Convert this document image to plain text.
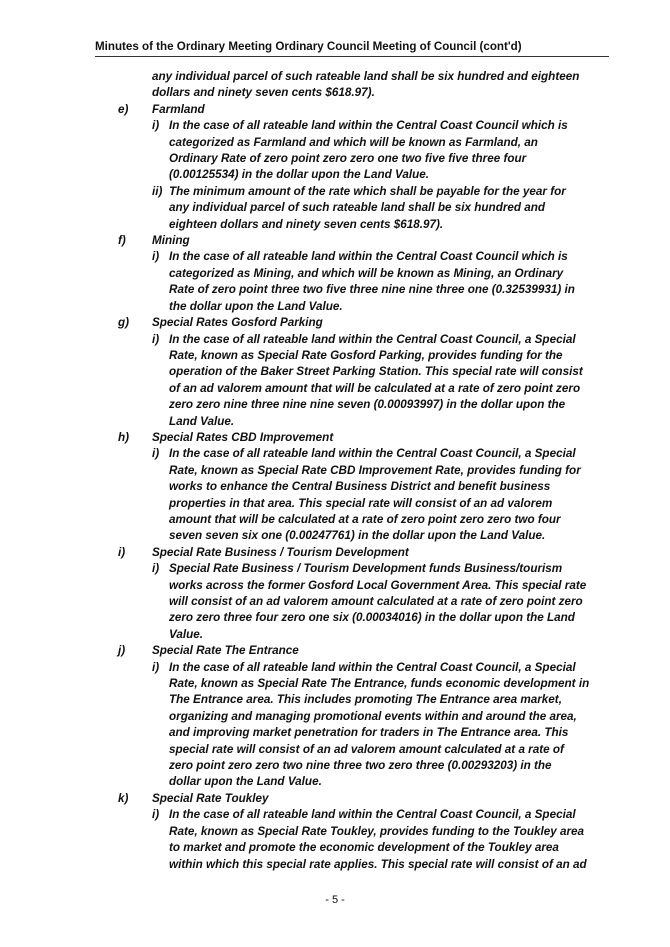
Minutes of the Ordinary Meeting Ordinary Council Meeting of Council (cont'd)
any individual parcel of such rateable land shall be six hundred and eighteen
dollars and ninety seven cents $618.97).
e) Farmland
i) In the case of all rateable land within the Central Coast Council which is
categorized as Farmland and which will be known as Farmland, an
Ordinary Rate of zero point zero zero one two five five three four
(0.00125534) in the dollar upon the Land Value.
ii) The minimum amount of the rate which shall be payable for the year for
any individual parcel of such rateable land shall be six hundred and
eighteen dollars and ninety seven cents $618.97).
f) Mining
i) In the case of all rateable land within the Central Coast Council which is
categorized as Mining, and which will be known as Mining, an Ordinary
Rate of zero point three two five three nine nine three one (0.32539931) in
the dollar upon the Land Value.
g) Special Rates Gosford Parking
i) In the case of all rateable land within the Central Coast Council, a Special
Rate, known as Special Rate Gosford Parking, provides funding for the
operation of the Baker Street Parking Station. This special rate will consist
of an ad valorem amount that will be calculated at a rate of zero point zero
zero zero nine three nine nine seven (0.00093997) in the dollar upon the
Land Value.
h) Special Rates CBD Improvement
i) In the case of all rateable land within the Central Coast Council, a Special
Rate, known as Special Rate CBD Improvement Rate, provides funding for
works to enhance the Central Business District and benefit business
properties in that area. This special rate will consist of an ad valorem
amount that will be calculated at a rate of zero point zero zero two four
seven seven six one (0.00247761) in the dollar upon the Land Value.
i) Special Rate Business / Tourism Development
i) Special Rate Business / Tourism Development funds Business/tourism
works across the former Gosford Local Government Area. This special rate
will consist of an ad valorem amount calculated at a rate of zero point zero
zero zero three four zero one six (0.00034016) in the dollar upon the Land
Value.
j) Special Rate The Entrance
i) In the case of all rateable land within the Central Coast Council, a Special
Rate, known as Special Rate The Entrance, funds economic development in
The Entrance area. This includes promoting The Entrance area market,
organizing and managing promotional events within and around the area,
and improving market penetration for traders in The Entrance area. This
special rate will consist of an ad valorem amount calculated at a rate of
zero point zero zero two nine three two zero three (0.00293203) in the
dollar upon the Land Value.
k) Special Rate Toukley
i) In the case of all rateable land within the Central Coast Council, a Special
Rate, known as Special Rate Toukley, provides funding to the Toukley area
to market and promote the economic development of the Toukley area
within which this special rate applies. This special rate will consist of an ad
- 5 -
